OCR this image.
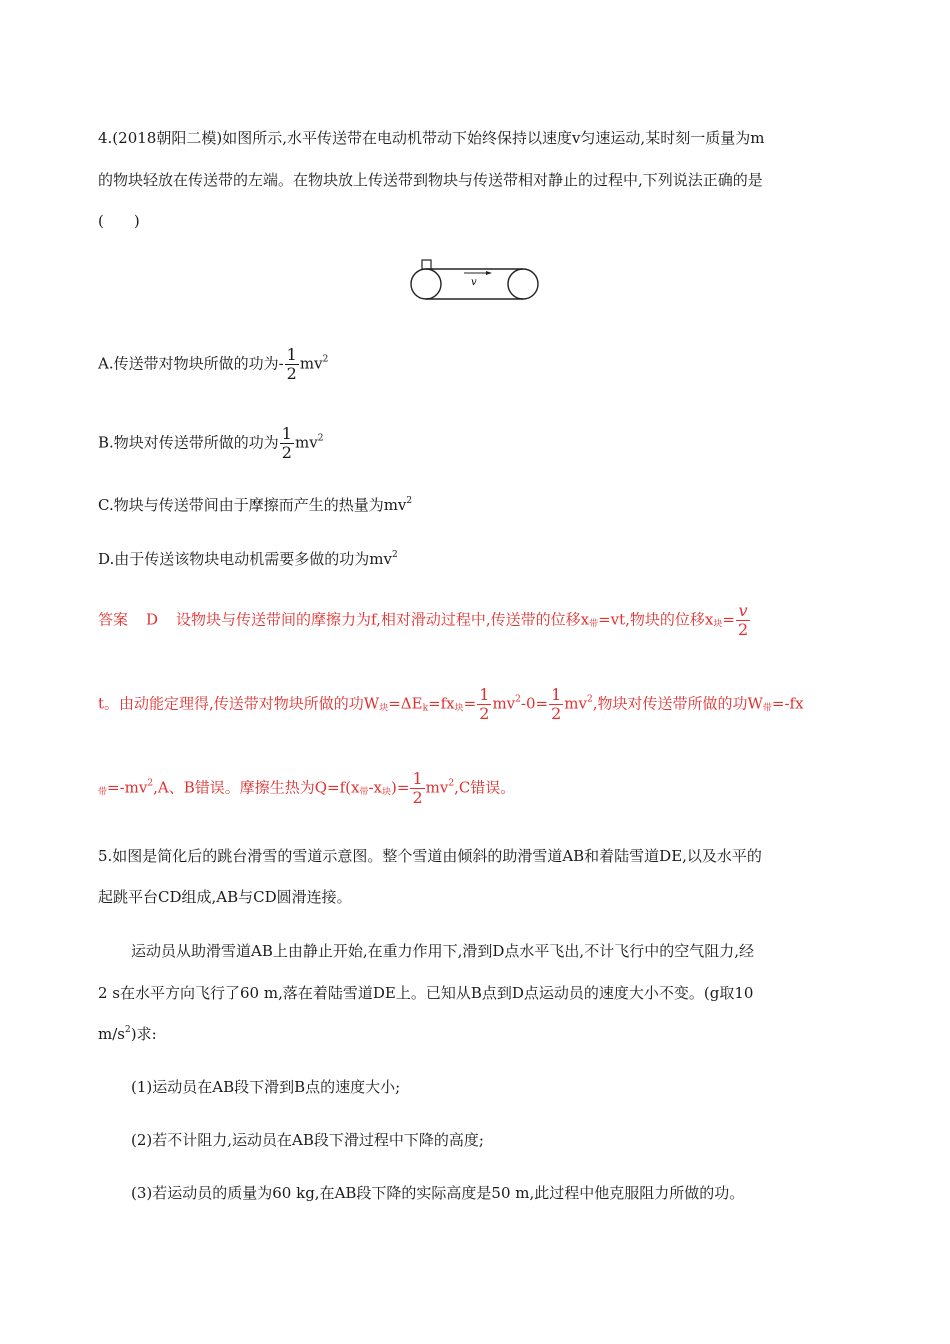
4.(2018朝阳二模)如图所示,水平传送带在电动机带动下始终保持以速度v匀速运动,某时刻一质量为m
的物块轻放在传送带的左端。在物块放上传送带到物块与传送带相对静止的过程中,下列说法正确的是
(　　)
v
A.传送带对物块所做的功为- $\frac{1}{2} mv^2$
B.物块对传送带所做的功为 $\frac{1}{2} mv^2$
C.物块与传送带间由于摩擦而产生的热量为$mv^2$
D.由于传送该物块电动机需要多做的功为$mv^2$
答案 D 设物块与传送带间的摩擦力为f,相对滑动过程中,传送带的位移$x_带=vt$,物块的位移$x_块= \frac{v}{2}$
t。由动能定理得,传送带对物块所做的功$W_块=\Delta E_k=fx_块= \frac{1}{2} mv^2-0= \frac{1}{2} mv^2$,物块对传送带所做的功$W_带=-fx$
$_带=-mv^2,A$、B错误。摩擦生热为$Q=f(x_带-x_块)= \frac{1}{2} mv^2,C$错误。
5.如图是简化后的跳台滑雪的雪道示意图。整个雪道由倾斜的助滑雪道AB和着陆雪道DE,以及水平的
起跳平台CD组成,AB与CD圆滑连接。
运动员从助滑雪道AB上由静止开始,在重力作用下,滑到D点水平飞出,不计飞行中的空气阻力,经
2 s在水平方向飞行了60 m,落在着陆雪道DE上。已知从B点到D点运动员的速度大小不变。(g取10
$m/s^2$)求:
(1)运动员在AB段下滑到B点的速度大小;
(2)若不计阻力,运动员在AB段下滑过程中下降的高度;
(3)若运动员的质量为60 kg,在AB段下降的实际高度是50 m,此过程中他克服阻力所做的功。
